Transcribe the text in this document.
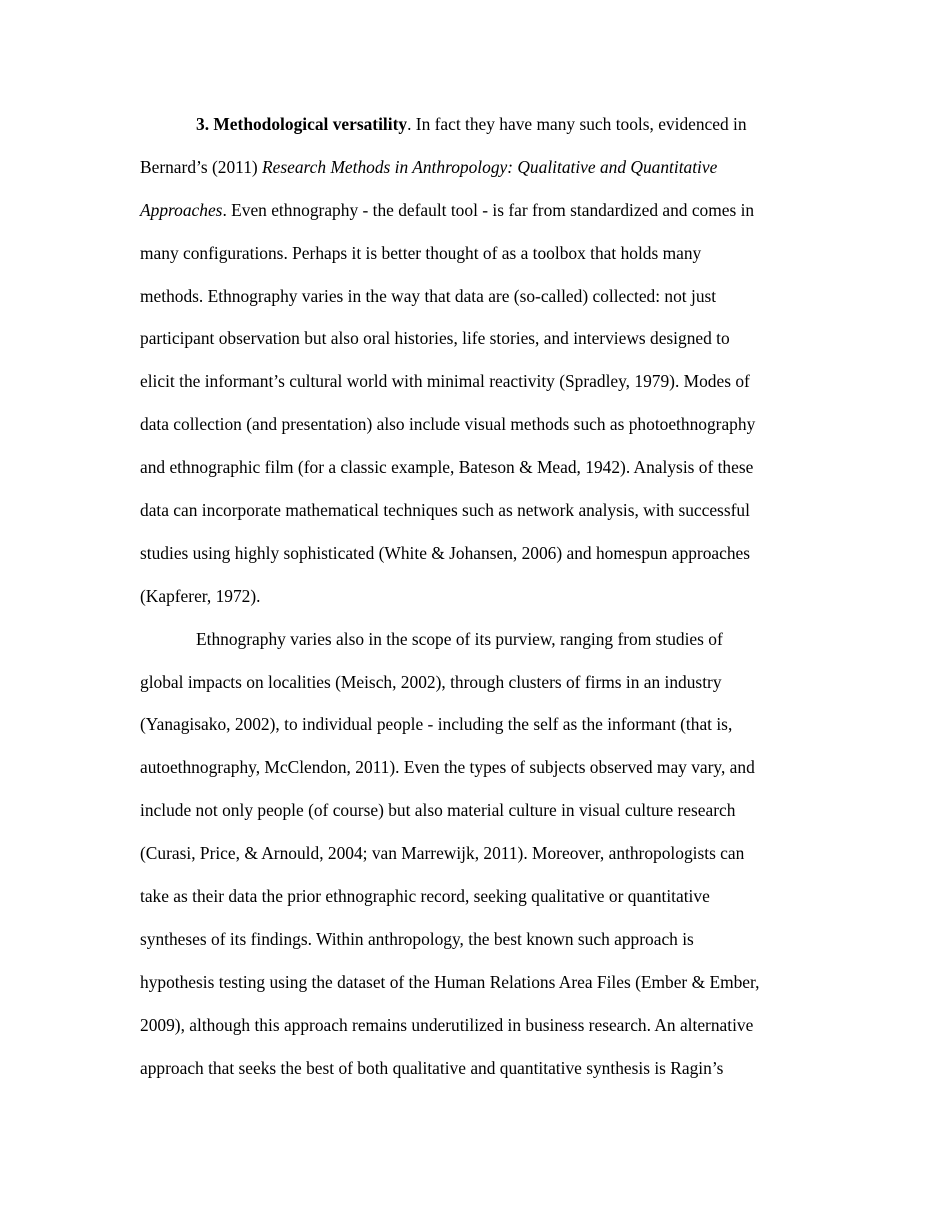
3. Methodological versatility. In fact they have many such tools, evidenced in
Bernard’s (2011) Research Methods in Anthropology: Qualitative and Quantitative
Approaches. Even ethnography - the default tool - is far from standardized and comes in
many configurations. Perhaps it is better thought of as a toolbox that holds many
methods. Ethnography varies in the way that data are (so-called) collected: not just
participant observation but also oral histories, life stories, and interviews designed to
elicit the informant’s cultural world with minimal reactivity (Spradley, 1979). Modes of
data collection (and presentation) also include visual methods such as photoethnography
and ethnographic film (for a classic example, Bateson & Mead, 1942). Analysis of these
data can incorporate mathematical techniques such as network analysis, with successful
studies using highly sophisticated (White & Johansen, 2006) and homespun approaches
(Kapferer, 1972).
Ethnography varies also in the scope of its purview, ranging from studies of
global impacts on localities (Meisch, 2002), through clusters of firms in an industry
(Yanagisako, 2002), to individual people - including the self as the informant (that is,
autoethnography, McClendon, 2011). Even the types of subjects observed may vary, and
include not only people (of course) but also material culture in visual culture research
(Curasi, Price, & Arnould, 2004; van Marrewijk, 2011). Moreover, anthropologists can
take as their data the prior ethnographic record, seeking qualitative or quantitative
syntheses of its findings. Within anthropology, the best known such approach is
hypothesis testing using the dataset of the Human Relations Area Files (Ember & Ember,
2009), although this approach remains underutilized in business research. An alternative
approach that seeks the best of both qualitative and quantitative synthesis is Ragin’s
